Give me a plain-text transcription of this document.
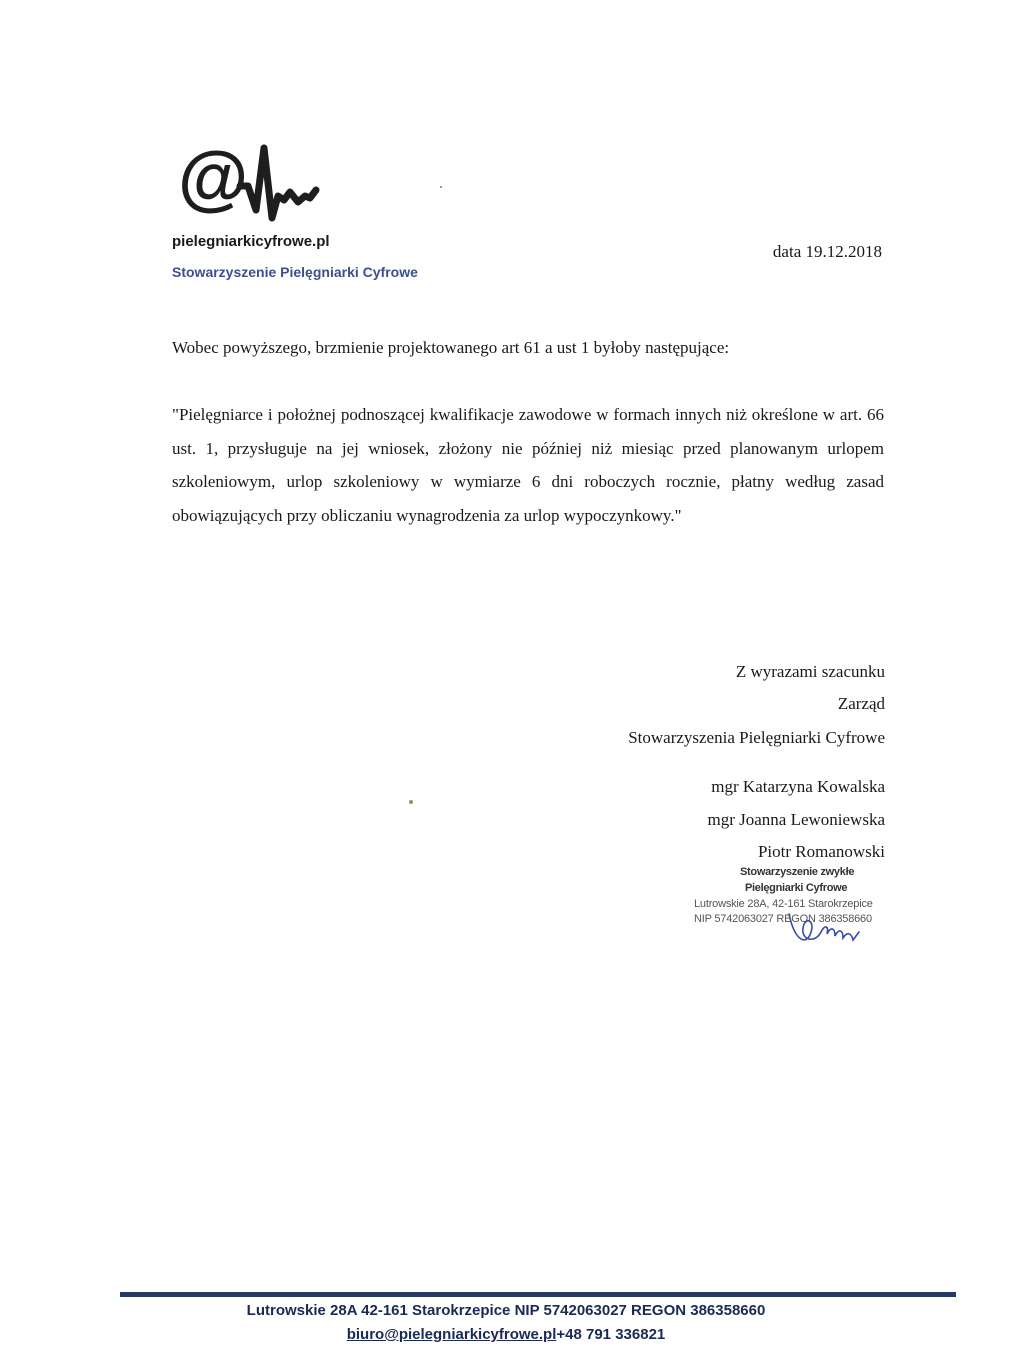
@
pielegniarkicyfrowe.pl
Stowarzyszenie Pielęgniarki Cyfrowe
data 19.12.2018
Wobec powyższego, brzmienie projektowanego art 61 a ust 1 byłoby następujące:

"Pielęgniarce i położnej podnoszącej kwalifikacje zawodowe w formach innych niż określone w art. 66 ust. 1, przysługuje na jej wniosek, złożony nie później niż miesiąc przed planowanym urlopem szkoleniowym, urlop szkoleniowy w wymiarze 6 dni roboczych rocznie, płatny według zasad obowiązujących przy obliczaniu wynagrodzenia za urlop wypoczynkowy."

Z wyrazami szacunku
Zarząd
Stowarzyszenia Pielęgniarki Cyfrowe
mgr Katarzyna Kowalska
mgr Joanna Lewoniewska
Piotr Romanowski
Stowarzyszenie zwykłe
Pielęgniarki Cyfrowe
Lutrowskie 28A, 42-161 Starokrzepice
NIP 5742063027 REGON 386358660
Lutrowskie 28A 42-161 Starokrzepice NIP 5742063027 REGON 386358660
biuro@pielegniarkicyfrowe.pl+48 791 336821
